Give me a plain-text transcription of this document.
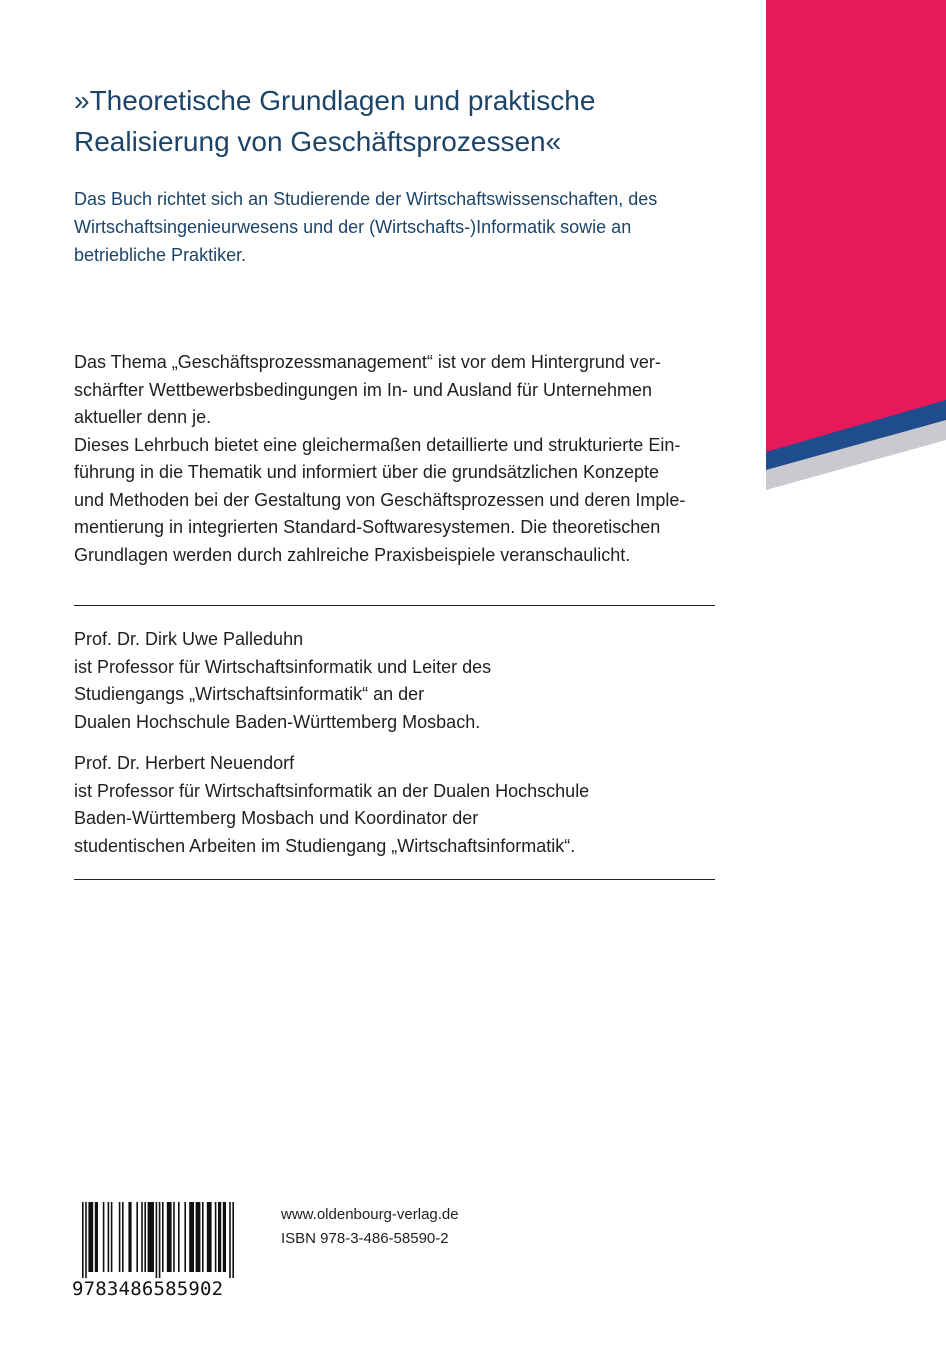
»Theoretische Grundlagen und praktische
Realisierung von Geschäftsprozessen«
Das Buch richtet sich an Studierende der Wirtschaftswissenschaften, des
Wirtschaftsingenieurwesens und der (Wirtschafts-)Informatik sowie an
betriebliche Praktiker.

Das Thema „Geschäftsprozessmanagement“ ist vor dem Hintergrund ver-
schärfter Wettbewerbsbedingungen im In- und Ausland für Unternehmen
aktueller denn je.

Dieses Lehrbuch bietet eine gleichermaßen detaillierte und strukturierte Ein-
führung in die Thematik und informiert über die grundsätzlichen Konzepte
und Methoden bei der Gestaltung von Geschäftsprozessen und deren Imple-
mentierung in integrierten Standard-Softwaresystemen. Die theoretischen
Grundlagen werden durch zahlreiche Praxisbeispiele veranschaulicht.

Prof. Dr. Dirk Uwe Palleduhn
ist Professor für Wirtschaftsinformatik und Leiter des
Studiengangs „Wirtschaftsinformatik“ an der
Dualen Hochschule Baden-Württemberg Mosbach.
Prof. Dr. Herbert Neuendorf
ist Professor für Wirtschaftsinformatik an der Dualen Hochschule
Baden-Württemberg Mosbach und Koordinator der
studentischen Arbeiten im Studiengang „Wirtschaftsinformatik“.
9783486585902
www.oldenbourg-verlag.de
ISBN 978-3-486-58590-2
